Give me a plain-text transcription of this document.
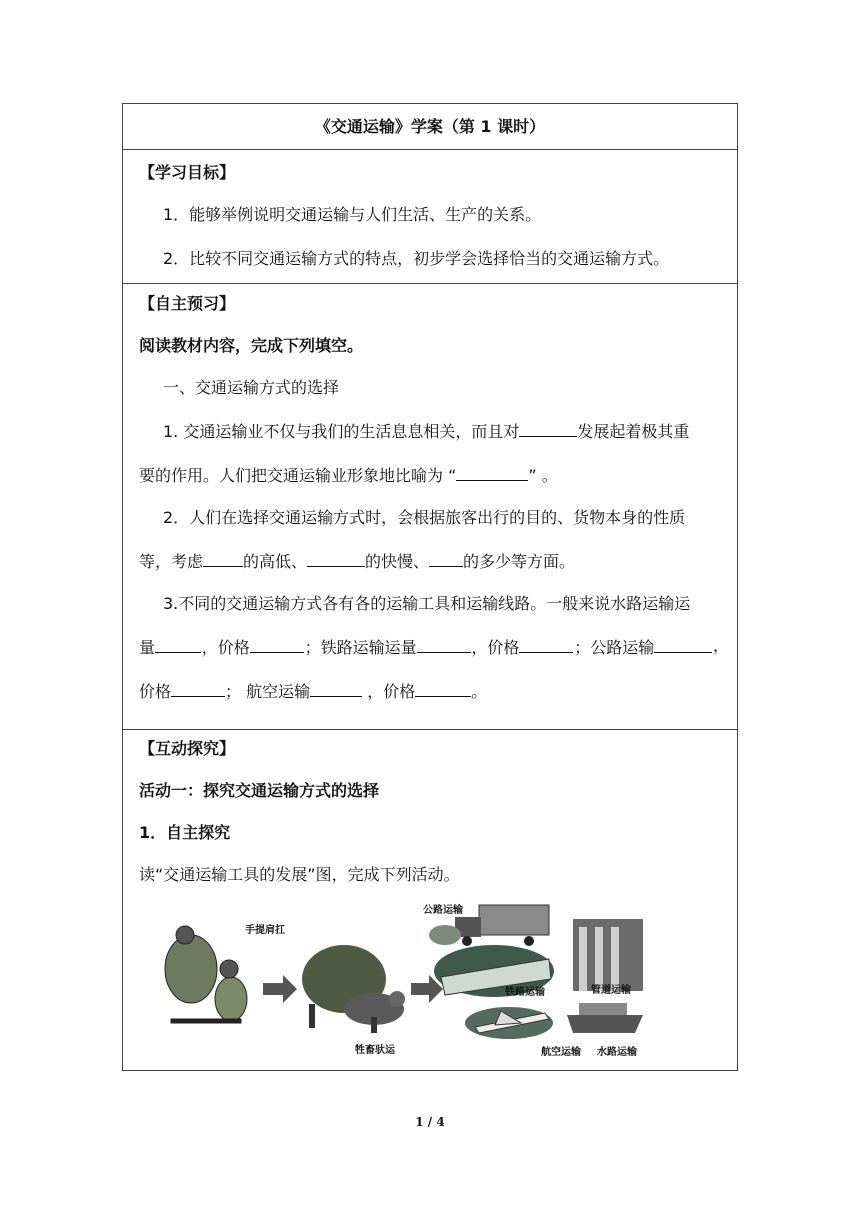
《交通运输》学案（第 1 课时）

【学习目标】
1．能够举例说明交通运输与人们生活、生产的关系。
2．比较不同交通运输方式的特点，初步学会选择恰当的交通运输方式。

【自主预习】
阅读教材内容，完成下列填空。
一、交通运输方式的选择
1. 交通运输业不仅与我们的生活息息相关，而且对	发展起着极其重
要的作用。人们把交通运输业形象地比喻为 “	” 。
2．人们在选择交通运输方式时，会根据旅客出行的目的、货物本身的性质
等，考虑	的高低、	的快慢、 的多少等方面。
3.不同的交通运输方式各有各的运输工具和运输线路。一般来说水路运输运
量	，价格	；铁路运输运量	，价格	；公路运输	，
价格	； 航空运输	，价格	。

【互动探究】
活动一：探究交通运输方式的选择
1．自主探究
读“交通运输工具的发展”图，完成下列活动。
手提肩扛
牲畜驮运
公路运输
铁路运输	管道运输
航空运输 水路运输
1 / 4
